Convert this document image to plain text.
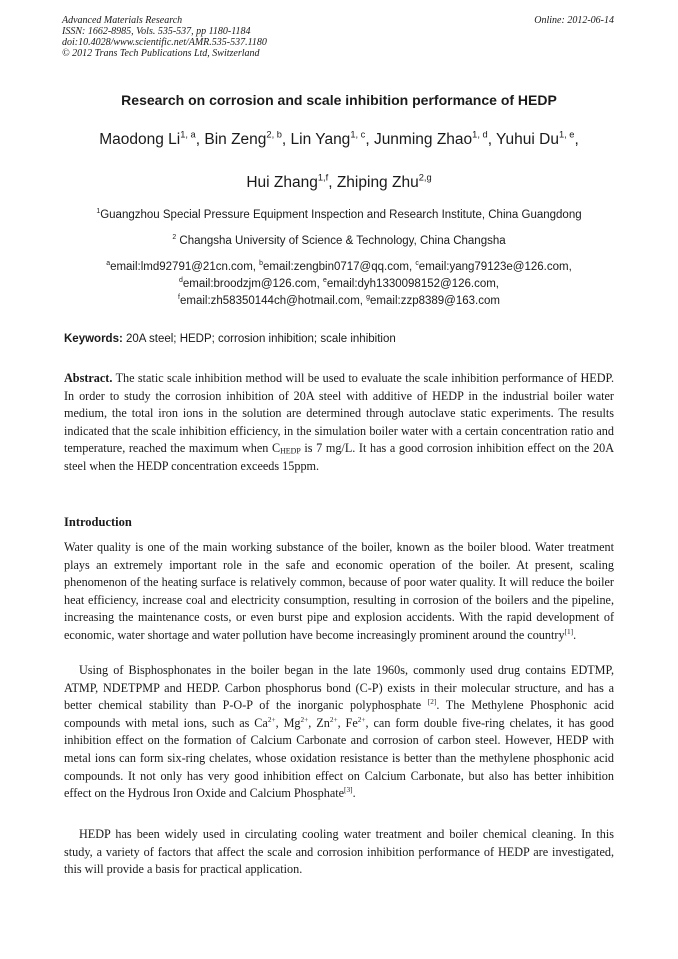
Advanced Materials Research
ISSN: 1662-8985, Vols. 535-537, pp 1180-1184
doi:10.4028/www.scientific.net/AMR.535-537.1180
© 2012 Trans Tech Publications Ltd, Switzerland
Online: 2012-06-14
Research on corrosion and scale inhibition performance of HEDP
Maodong Li$^{1, a}$, Bin Zeng$^{2, b}$, Lin Yang$^{1, c}$, Junming Zhao$^{1, d}$, Yuhui Du$^{1, e}$,
Hui Zhang$^{1,f}$, Zhiping Zhu$^{2,g}$
$^1$Guangzhou Special Pressure Equipment Inspection and Research Institute, China Guangdong
$^2$ Changsha University of Science & Technology, China Changsha
$^a$email:lmd92791@21cn.com, $^b$email:zengbin0717@qq.com, $^c$email:yang79123e@126.com,
$^d$email:broodzjm@126.com, $^e$email:dyh1330098152@126.com,
$^f$email:zh58350144ch@hotmail.com, $^g$email:zzp8389@163.com
Keywords: 20A steel; HEDP; corrosion inhibition; scale inhibition
Abstract. The static scale inhibition method will be used to evaluate the scale inhibition performance of HEDP. In order to study the corrosion inhibition of 20A steel with additive of HEDP in the industrial boiler water medium, the total iron ions in the solution are determined through autoclave static experiments. The results indicated that the scale inhibition efficiency, in the simulation boiler water with a certain concentration ratio and temperature, reached the maximum when $C_{HEDP}$ is 7 mg/L. It has a good corrosion inhibition effect on the 20A steel when the HEDP concentration exceeds 15ppm.
Introduction
Water quality is one of the main working substance of the boiler, known as the boiler blood. Water treatment plays an extremely important role in the safe and economic operation of the boiler. At present, scaling phenomenon of the heating surface is relatively common, because of poor water quality. It will reduce the boiler heat efficiency, increase coal and electricity consumption, resulting in corrosion of the boilers and the pipeline, increasing the maintenance costs, or even burst pipe and explosion accidents. With the rapid development of economic, water shortage and water pollution have become increasingly prominent around the country[1].
Using of Bisphosphonates in the boiler began in the late 1960s, commonly used drug contains EDTMP, ATMP, NDETPMP and HEDP. Carbon phosphorus bond (C-P) exists in their molecular structure, and has a better chemical stability than P-O-P of the inorganic polyphosphate [2]. The Methylene Phosphonic acid compounds with metal ions, such as $Ca^{2+}$, $Mg^{2+}$, $Zn^{2+}$, $Fe^{2+}$, can form double five-ring chelates, it has good inhibition effect on the formation of Calcium Carbonate and corrosion of carbon steel. However, HEDP with metal ions can form six-ring chelates, whose oxidation resistance is better than the methylene phosphonic acid compounds. It not only has very good inhibition effect on Calcium Carbonate, but also has better inhibition effect on the Hydrous Iron Oxide and Calcium Phosphate[3].
HEDP has been widely used in circulating cooling water treatment and boiler chemical cleaning. In this study, a variety of factors that affect the scale and corrosion inhibition performance of HEDP are investigated, this will provide a basis for practical application.
